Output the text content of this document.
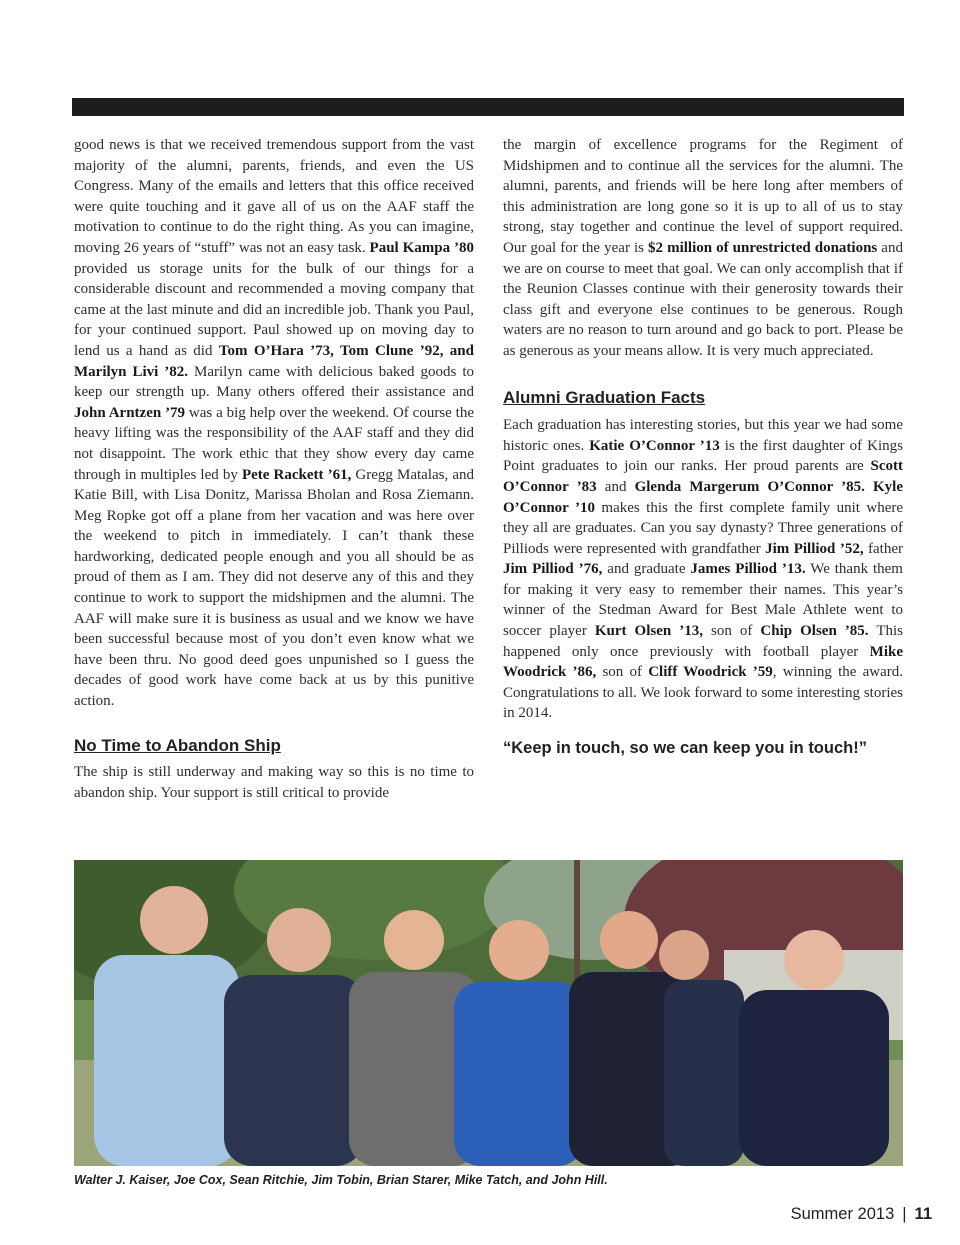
good news is that we received tremendous support from the vast majority of the alumni, parents, friends, and even the US Congress. Many of the emails and letters that this office received were quite touching and it gave all of us on the AAF staff the motivation to continue to do the right thing. As you can imagine, moving 26 years of “stuff” was not an easy task. Paul Kampa ’80 provided us storage units for the bulk of our things for a considerable discount and recommended a moving company that came at the last minute and did an incredible job. Thank you Paul, for your continued support. Paul showed up on moving day to lend us a hand as did Tom O’Hara ’73, Tom Clune ’92, and Marilyn Livi ’82. Marilyn came with delicious baked goods to keep our strength up. Many others offered their assistance and John Arntzen ’79 was a big help over the weekend. Of course the heavy lifting was the responsibility of the AAF staff and they did not disappoint. The work ethic that they show every day came through in multiples led by Pete Rackett ’61, Gregg Matalas, and Katie Bill, with Lisa Donitz, Marissa Bholan and Rosa Ziemann. Meg Ropke got off a plane from her vacation and was here over the weekend to pitch in immediately. I can’t thank these hardworking, dedicated people enough and you all should be as proud of them as I am. They did not deserve any of this and they continue to work to support the midshipmen and the alumni. The AAF will make sure it is business as usual and we know we have been successful because most of you don’t even know what we have been thru. No good deed goes unpunished so I guess the decades of good work have come back at us by this punitive action.

No Time to Abandon Ship

The ship is still underway and making way so this is no time to abandon ship. Your support is still critical to provide

the margin of excellence programs for the Regiment of Midshipmen and to continue all the services for the alumni. The alumni, parents, and friends will be here long after members of this administration are long gone so it is up to all of us to stay strong, stay together and continue the level of support required. Our goal for the year is $2 million of unrestricted donations and we are on course to meet that goal. We can only accomplish that if the Reunion Classes continue with their generosity towards their class gift and everyone else continues to be generous. Rough waters are no reason to turn around and go back to port. Please be as generous as your means allow. It is very much appreciated.

Alumni Graduation Facts

Each graduation has interesting stories, but this year we had some historic ones. Katie O’Connor ’13 is the first daughter of Kings Point graduates to join our ranks. Her proud parents are Scott O’Connor ’83 and Glenda Margerum O’Connor ’85. Kyle O’Connor ’10 makes this the first complete family unit where they all are graduates. Can you say dynasty? Three generations of Pilliods were represented with grandfather Jim Pilliod ’52, father Jim Pilliod ’76, and graduate James Pilliod ’13. We thank them for making it very easy to remember their names. This year’s winner of the Stedman Award for Best Male Athlete went to soccer player Kurt Olsen ’13, son of Chip Olsen ’85. This happened only once previously with football player Mike Woodrick ’86, son of Cliff Woodrick ’59, winning the award. Congratulations to all. We look forward to some interesting stories in 2014.

“Keep in touch, so we can keep you in touch!”

Walter J. Kaiser, Joe Cox, Sean Ritchie, Jim Tobin, Brian Starer, Mike Tatch, and John Hill.
Summer 2013 | 11
